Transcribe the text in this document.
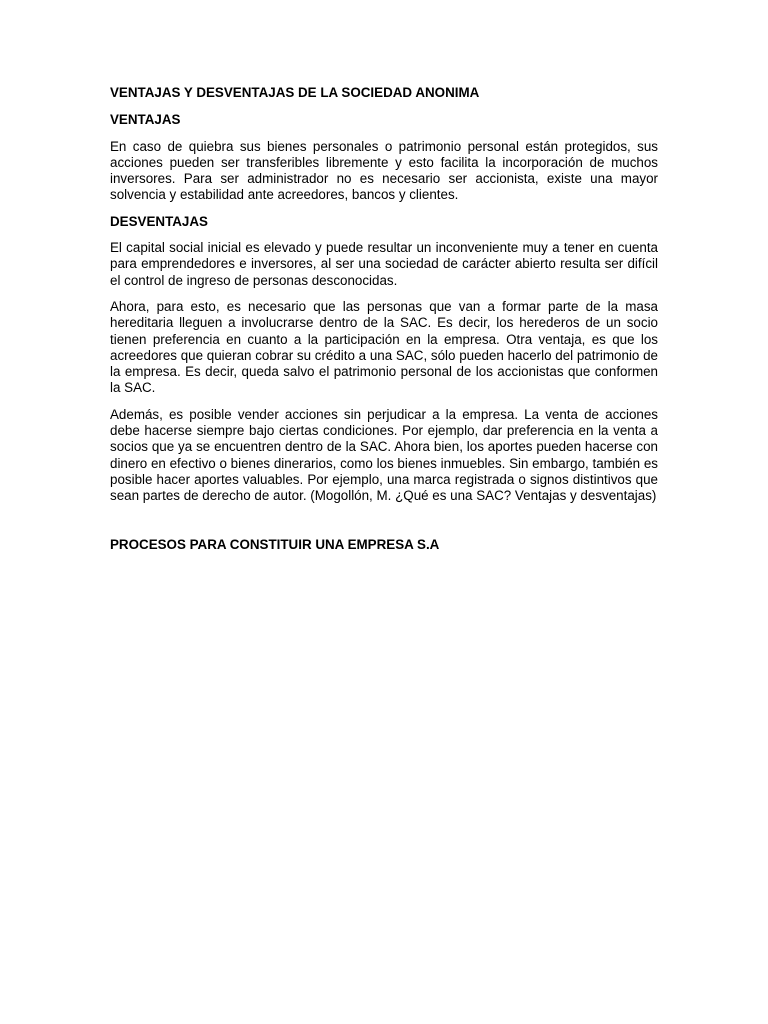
VENTAJAS Y DESVENTAJAS DE LA SOCIEDAD ANONIMA

VENTAJAS

En caso de quiebra sus bienes personales o patrimonio personal están protegidos, sus acciones pueden ser transferibles libremente y esto facilita la incorporación de muchos inversores. Para ser administrador no es necesario ser accionista, existe una mayor solvencia y estabilidad ante acreedores, bancos y clientes.

DESVENTAJAS

El capital social inicial es elevado y puede resultar un inconveniente muy a tener en cuenta para emprendedores e inversores, al ser una sociedad de carácter abierto resulta ser difícil el control de ingreso de personas desconocidas.

Ahora, para esto, es necesario que las personas que van a formar parte de la masa hereditaria lleguen a involucrarse dentro de la SAC. Es decir, los herederos de un socio tienen preferencia en cuanto a la participación en la empresa. Otra ventaja, es que los acreedores que quieran cobrar su crédito a una SAC, sólo pueden hacerlo del patrimonio de la empresa. Es decir, queda salvo el patrimonio personal de los accionistas que conformen la SAC.

Además, es posible vender acciones sin perjudicar a la empresa. La venta de acciones debe hacerse siempre bajo ciertas condiciones. Por ejemplo, dar preferencia en la venta a socios que ya se encuentren dentro de la SAC. Ahora bien, los aportes pueden hacerse con dinero en efectivo o bienes dinerarios, como los bienes inmuebles. Sin embargo, también es posible hacer aportes valuables. Por ejemplo, una marca registrada o signos distintivos que sean partes de derecho de autor. (Mogollón, M. ¿Qué es una SAC? Ventajas y desventajas)

PROCESOS PARA CONSTITUIR UNA EMPRESA S.A
